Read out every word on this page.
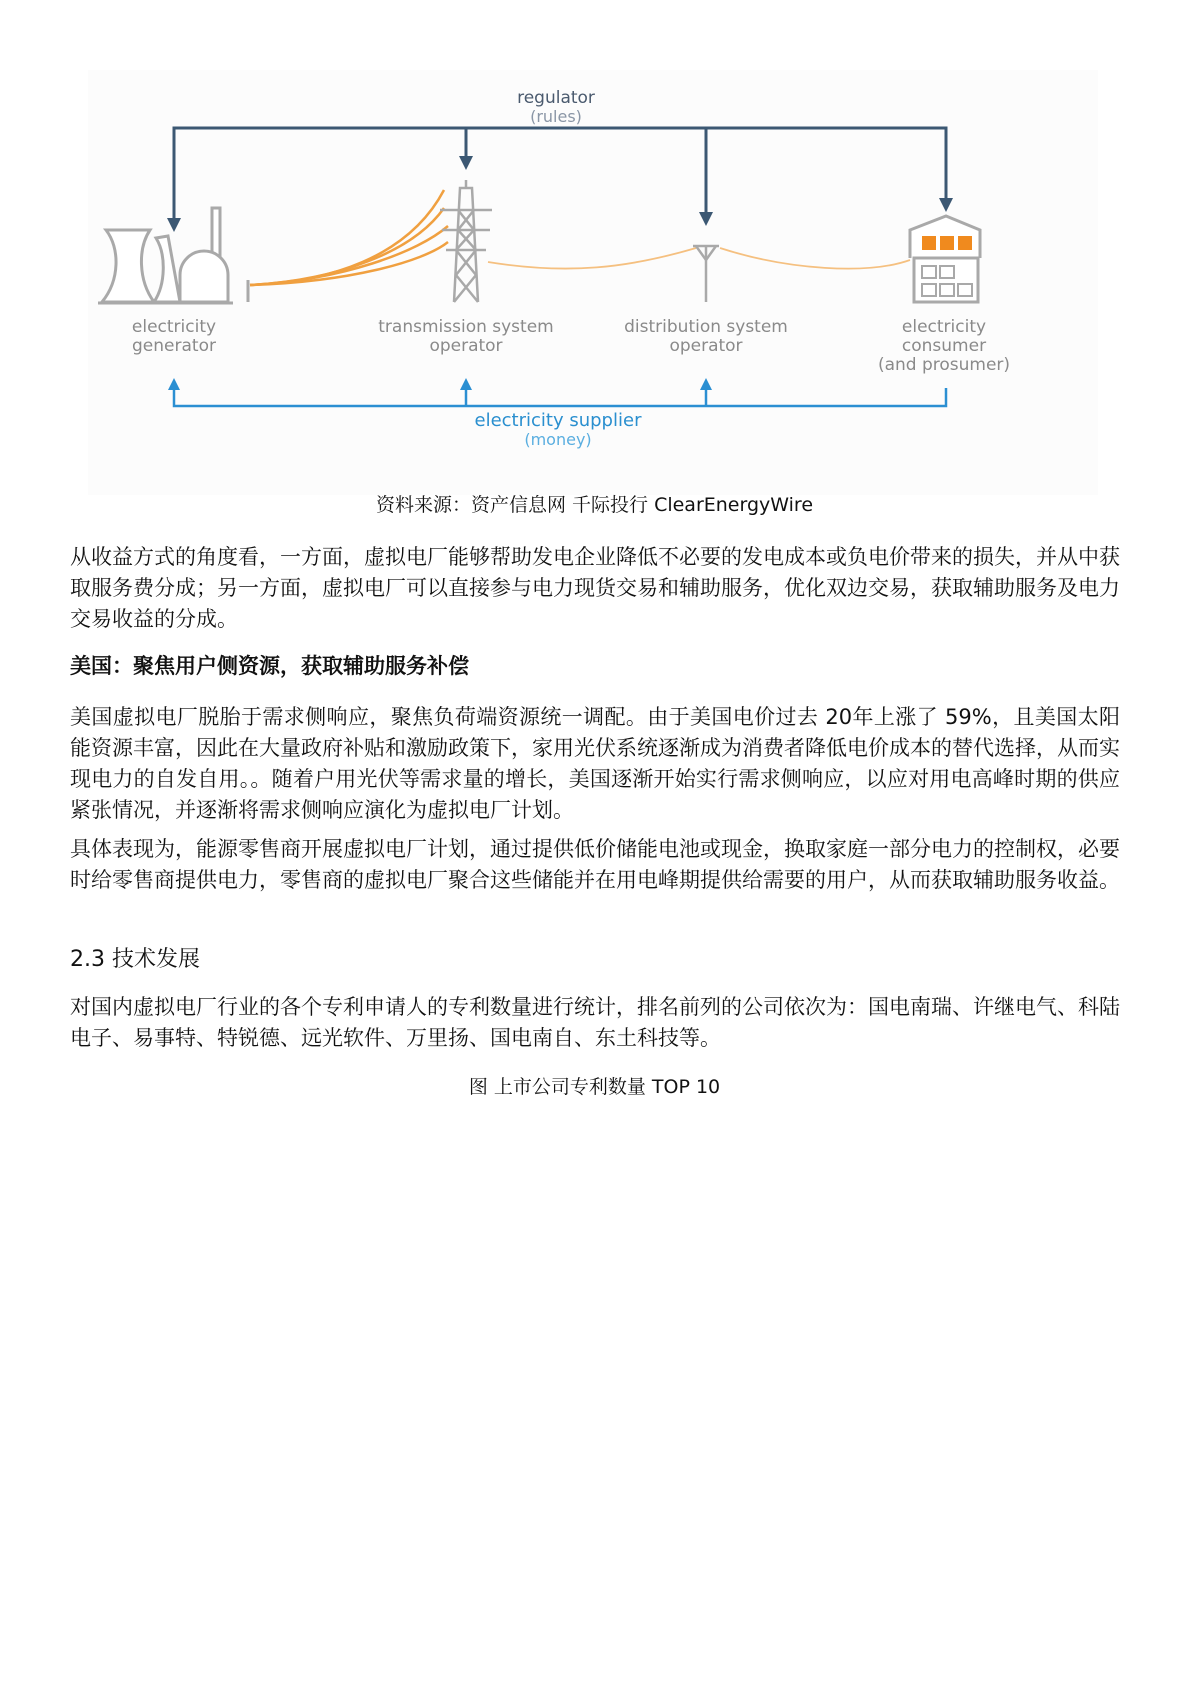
regulator
(rules)
electricity
generator
transmission system
operator
distribution system
operator
electricity
consumer
(and prosumer)
electricity supplier
(money)
资料来源：资产信息网 千际投行 ClearEnergyWire

从收益方式的角度看，一方面，虚拟电厂能够帮助发电企业降低不必要的发电成本或负电价带来的损失，并从中获取服务费分成；另一方面，虚拟电厂可以直接参与电力现货交易和辅助服务，优化双边交易，获取辅助服务及电力交易收益的分成。

美国：聚焦用户侧资源，获取辅助服务补偿

美国虚拟电厂脱胎于需求侧响应，聚焦负荷端资源统一调配。由于美国电价过去 20年上涨了 59%，且美国太阳能资源丰富，因此在大量政府补贴和激励政策下，家用光伏系统逐渐成为消费者降低电价成本的替代选择，从而实现电力的自发自用。。随着户用光伏等需求量的增长，美国逐渐开始实行需求侧响应，以应对用电高峰时期的供应紧张情况，并逐渐将需求侧响应演化为虚拟电厂计划。

具体表现为，能源零售商开展虚拟电厂计划，通过提供低价储能电池或现金，换取家庭一部分电力的控制权，必要时给零售商提供电力，零售商的虚拟电厂聚合这些储能并在用电峰期提供给需要的用户，从而获取辅助服务收益。

2.3 技术发展

对国内虚拟电厂行业的各个专利申请人的专利数量进行统计，排名前列的公司依次为：国电南瑞、许继电气、科陆电子、易事特、特锐德、远光软件、万里扬、国电南自、东土科技等。

图 上市公司专利数量 TOP 10
